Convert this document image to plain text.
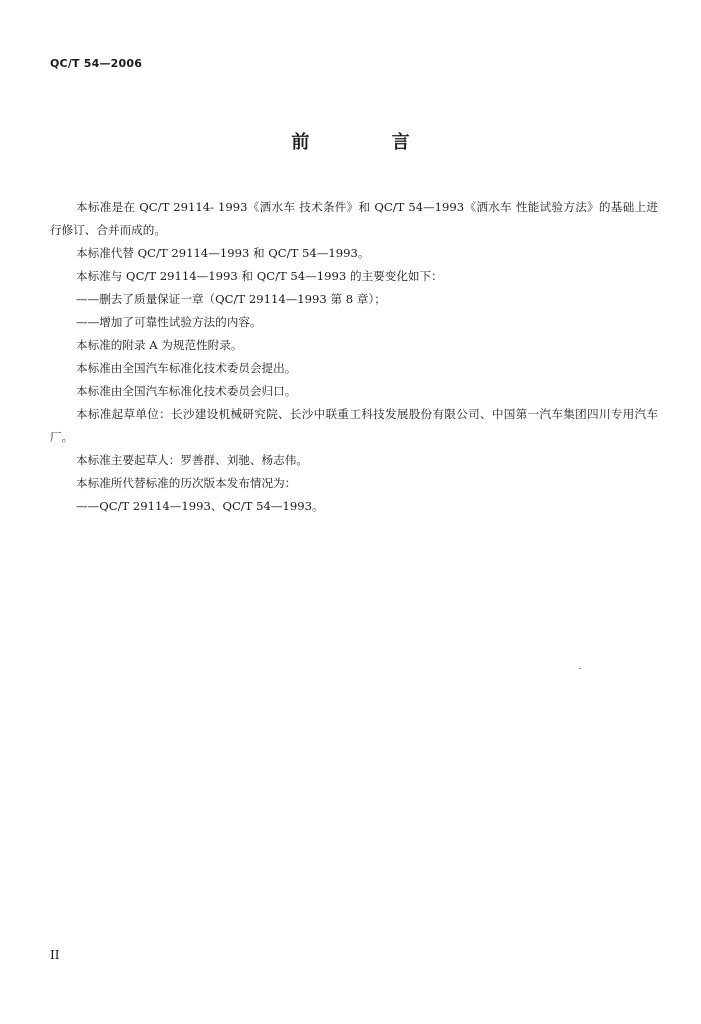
QC/T 54—2006
前 言

本标准是在 QC/T 29114- 1993《洒水车 技术条件》和 QC/T 54—1993《洒水车 性能试验方法》的基础上进行修订、合并而成的。

本标准代替 QC/T 29114—1993 和 QC/T 54—1993。

本标准与 QC/T 29114—1993 和 QC/T 54—1993 的主要变化如下：

——删去了质量保证一章（QC/T 29114—1993 第 8 章）；

——增加了可靠性试验方法的内容。

本标准的附录 A 为规范性附录。

本标准由全国汽车标准化技术委员会提出。

本标准由全国汽车标准化技术委员会归口。

本标准起草单位：长沙建设机械研究院、长沙中联重工科技发展股份有限公司、中国第一汽车集团四川专用汽车厂。

本标准主要起草人：罗善群、刘驰、杨志伟。

本标准所代替标准的历次版本发布情况为：

——QC/T 29114—1993、QC/T 54—1993。

II
